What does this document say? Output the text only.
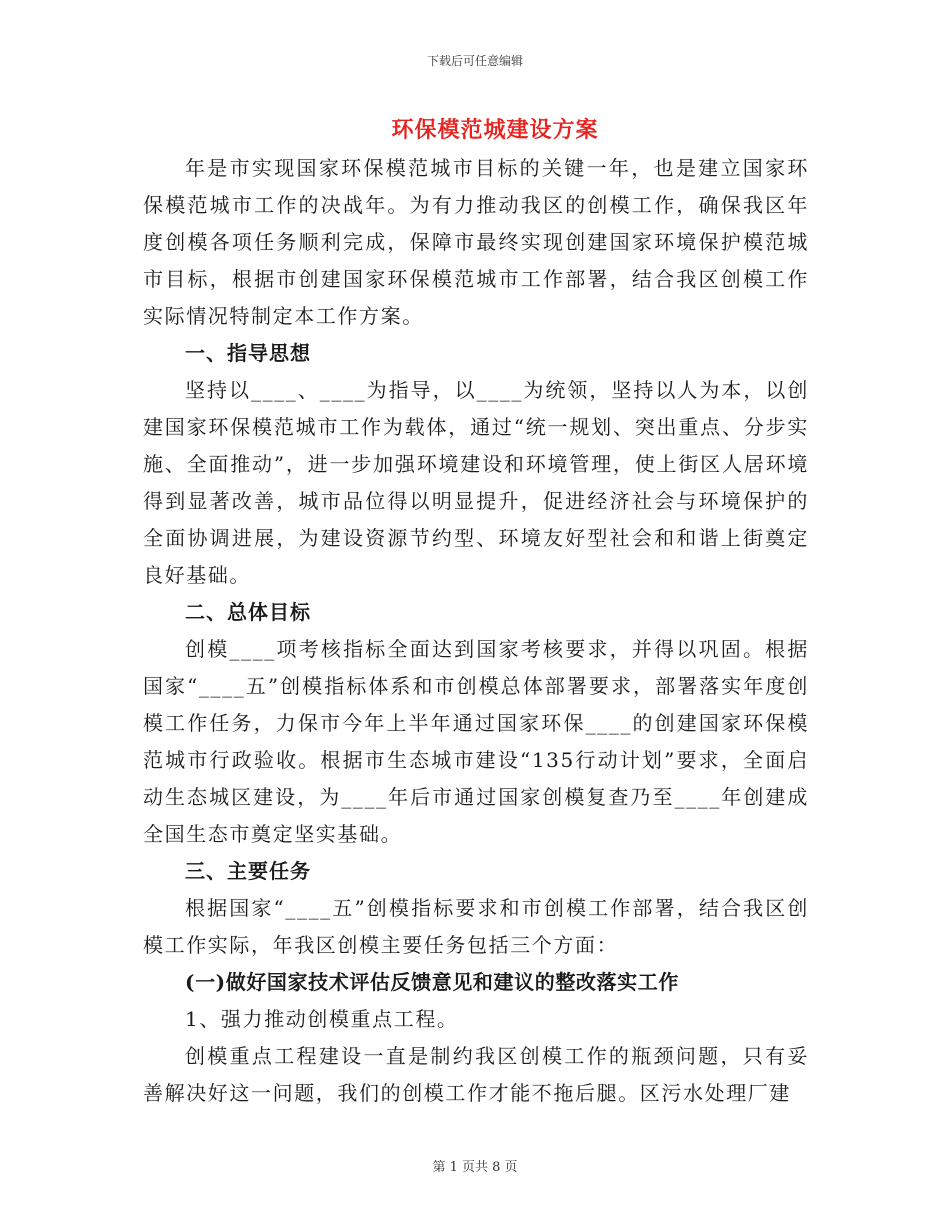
下载后可任意编辑
环保模范城建设方案

年是市实现国家环保模范城市目标的关键一年，也是建立国家环保模范城市工作的决战年。为有力推动我区的创模工作，确保我区年度创模各项任务顺利完成，保障市最终实现创建国家环境保护模范城市目标，根据市创建国家环保模范城市工作部署，结合我区创模工作实际情况特制定本工作方案。

一、指导思想

坚持以____、____为指导，以____为统领，坚持以人为本，以创建国家环保模范城市工作为载体，通过“统一规划、突出重点、分步实施、全面推动”，进一步加强环境建设和环境管理，使上街区人居环境得到显著改善，城市品位得以明显提升，促进经济社会与环境保护的全面协调进展，为建设资源节约型、环境友好型社会和和谐上街奠定良好基础。

二、总体目标

创模____项考核指标全面达到国家考核要求，并得以巩固。根据国家“____五”创模指标体系和市创模总体部署要求，部署落实年度创模工作任务，力保市今年上半年通过国家环保____的创建国家环保模范城市行政验收。根据市生态城市建设“135行动计划”要求，全面启动生态城区建设，为____年后市通过国家创模复查乃至____年创建成全国生态市奠定坚实基础。

三、主要任务

根据国家“____五”创模指标要求和市创模工作部署，结合我区创模工作实际，年我区创模主要任务包括三个方面：

(一)做好国家技术评估反馈意见和建议的整改落实工作

1、强力推动创模重点工程。

创模重点工程建设一直是制约我区创模工作的瓶颈问题，只有妥善解决好这一问题，我们的创模工作才能不拖后腿。区污水处理厂建

第 1 页共 8 页
